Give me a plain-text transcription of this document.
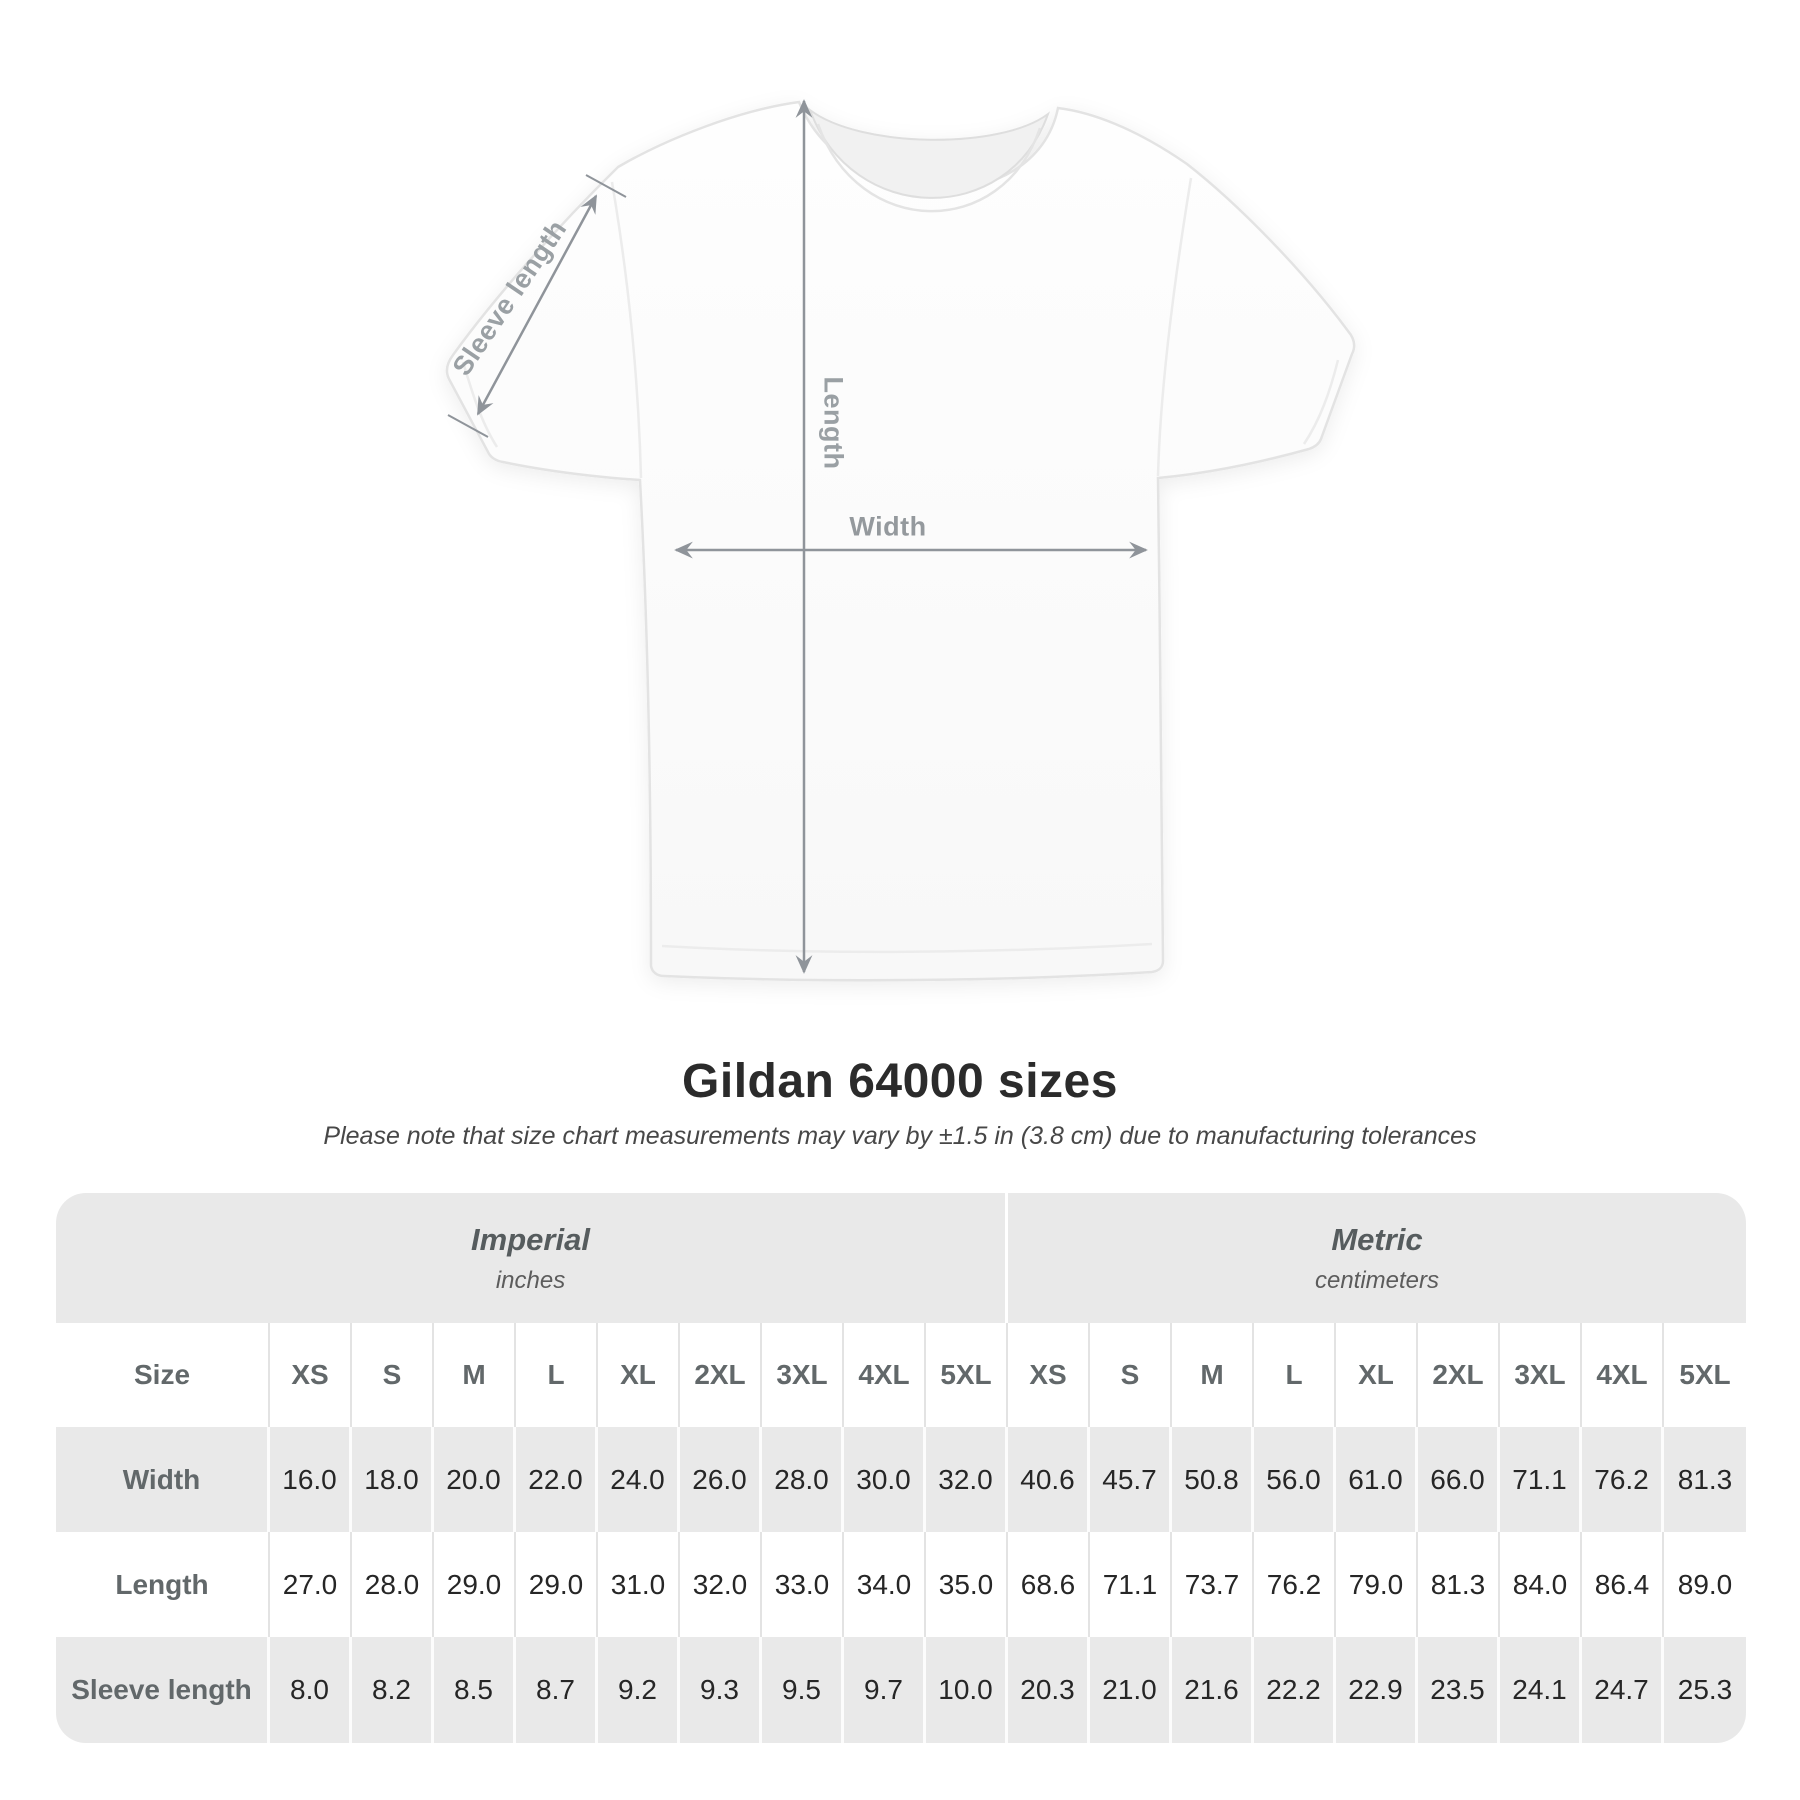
Sleeve length
Length
Width
Gildan 64000 sizes
Please note that size chart measurements may vary by ±1.5 in (3.8 cm) due to manufacturing tolerances
Imperial
inches
Metric
centimeters
Size	XS	S	M	L	XL	2XL	3XL	4XL	5XL	XS	S	M	L	XL	2XL	3XL	4XL	5XL
Width	16.0 18.0 20.0 22.0 24.0 26.0 28.0 30.0 32.0 40.6 45.7 50.8 56.0 61.0 66.0 71.1 76.2	81.3
Length	27.0 28.0 29.0 29.0 31.0 32.0 33.0 34.0 35.0 68.6 71.1 73.7 76.2 79.0 81.3 84.0 86.4	89.0
Sleeve length	8.0	8.2	8.5	8.7	9.2	9.3	9.5	9.7	10.0 20.3 21.0 21.6 22.2 22.9 23.5 24.1 24.7	25.3
